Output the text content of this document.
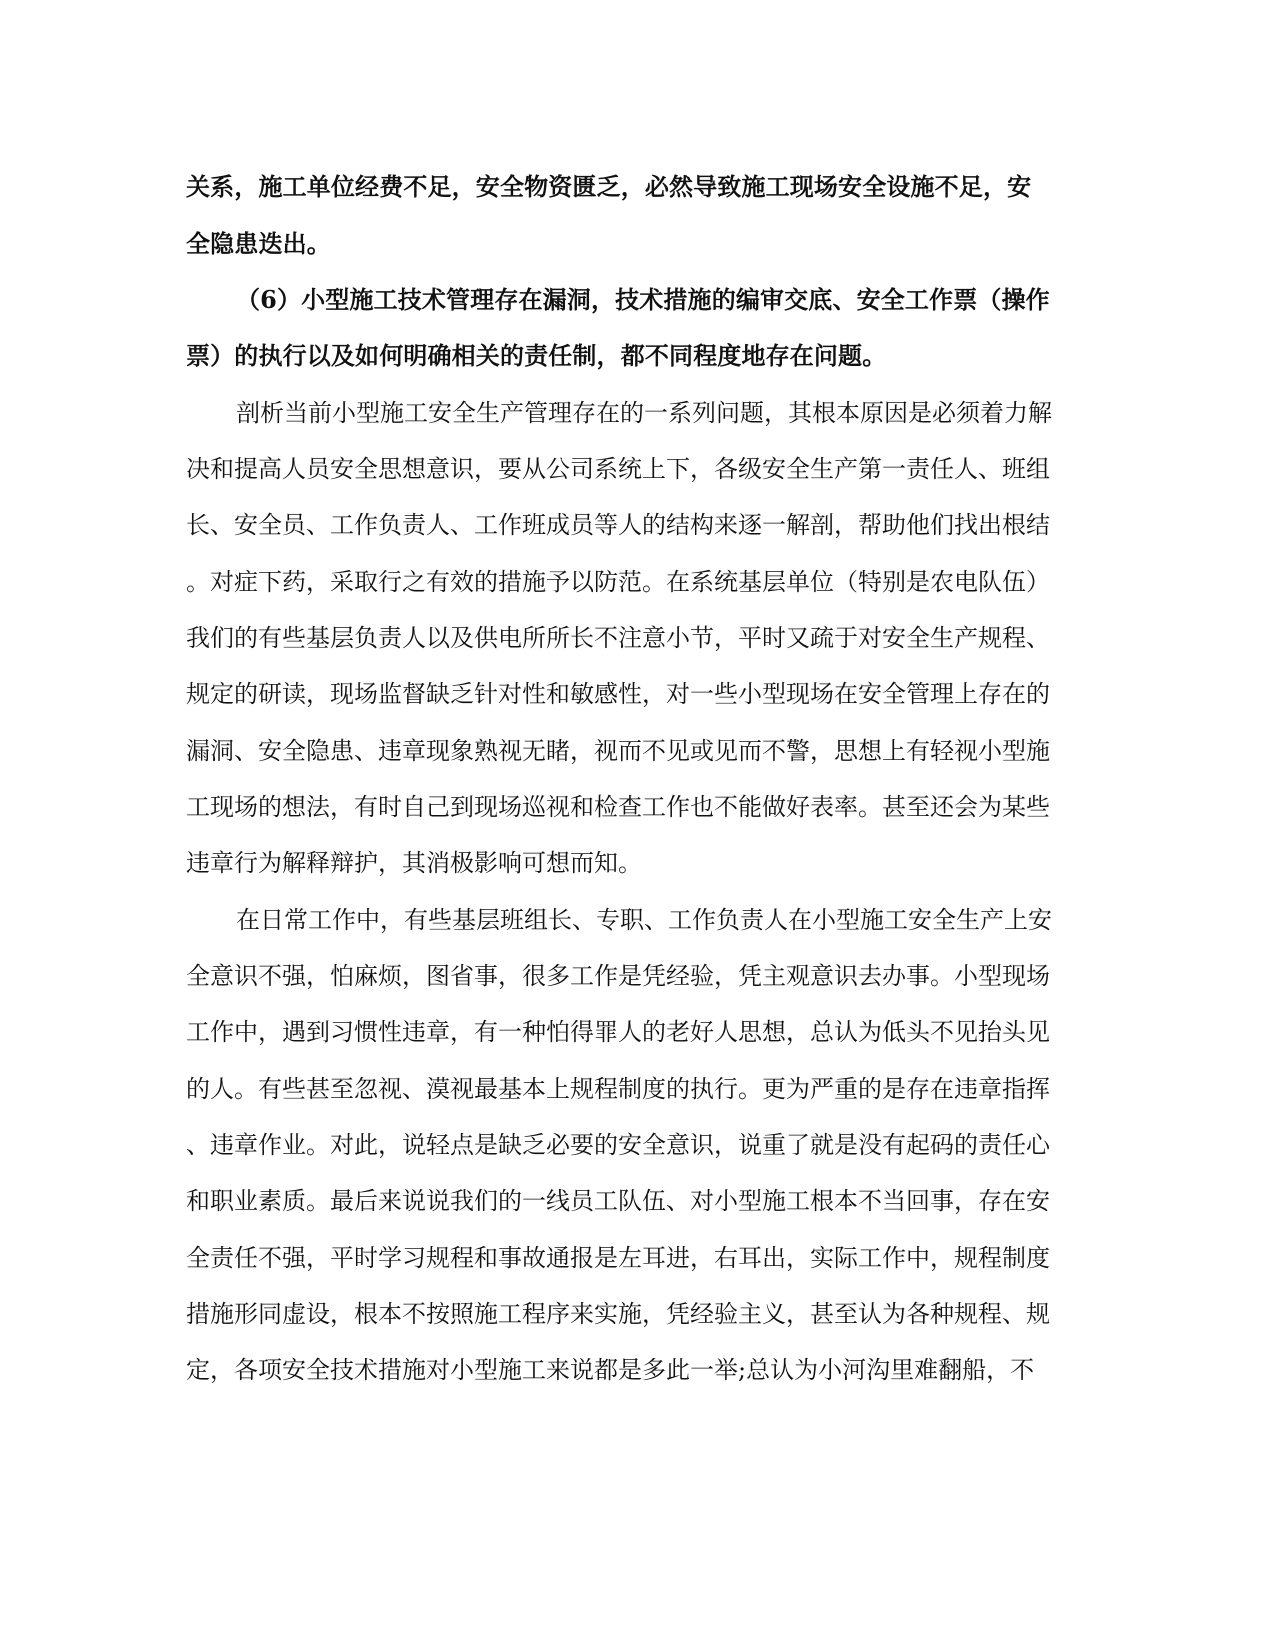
关系，施工单位经费不足，安全物资匮乏，必然导致施工现场安全设施不足，安
全隐患迭出。
（6）小型施工技术管理存在漏洞，技术措施的编审交底、安全工作票（操作
票）的执行以及如何明确相关的责任制，都不同程度地存在问题。
剖析当前小型施工安全生产管理存在的一系列问题，其根本原因是必须着力解
决和提高人员安全思想意识，要从公司系统上下，各级安全生产第一责任人、班组
长、安全员、工作负责人、工作班成员等人的结构来逐一解剖，帮助他们找出根结
。对症下药，采取行之有效的措施予以防范。在系统基层单位（特别是农电队伍）
我们的有些基层负责人以及供电所所长不注意小节，平时又疏于对安全生产规程、
规定的研读，现场监督缺乏针对性和敏感性，对一些小型现场在安全管理上存在的
漏洞、安全隐患、违章现象熟视无睹，视而不见或见而不警，思想上有轻视小型施
工现场的想法，有时自己到现场巡视和检查工作也不能做好表率。甚至还会为某些
违章行为解释辩护，其消极影响可想而知。
在日常工作中，有些基层班组长、专职、工作负责人在小型施工安全生产上安
全意识不强，怕麻烦，图省事，很多工作是凭经验，凭主观意识去办事。小型现场
工作中，遇到习惯性违章，有一种怕得罪人的老好人思想，总认为低头不见抬头见
的人。有些甚至忽视、漠视最基本上规程制度的执行。更为严重的是存在违章指挥
、违章作业。对此，说轻点是缺乏必要的安全意识，说重了就是没有起码的责任心
和职业素质。最后来说说我们的一线员工队伍、对小型施工根本不当回事，存在安
全责任不强，平时学习规程和事故通报是左耳进，右耳出，实际工作中，规程制度
措施形同虚设，根本不按照施工程序来实施，凭经验主义，甚至认为各种规程、规
定，各项安全技术措施对小型施工来说都是多此一举;总认为小河沟里难翻船，不
